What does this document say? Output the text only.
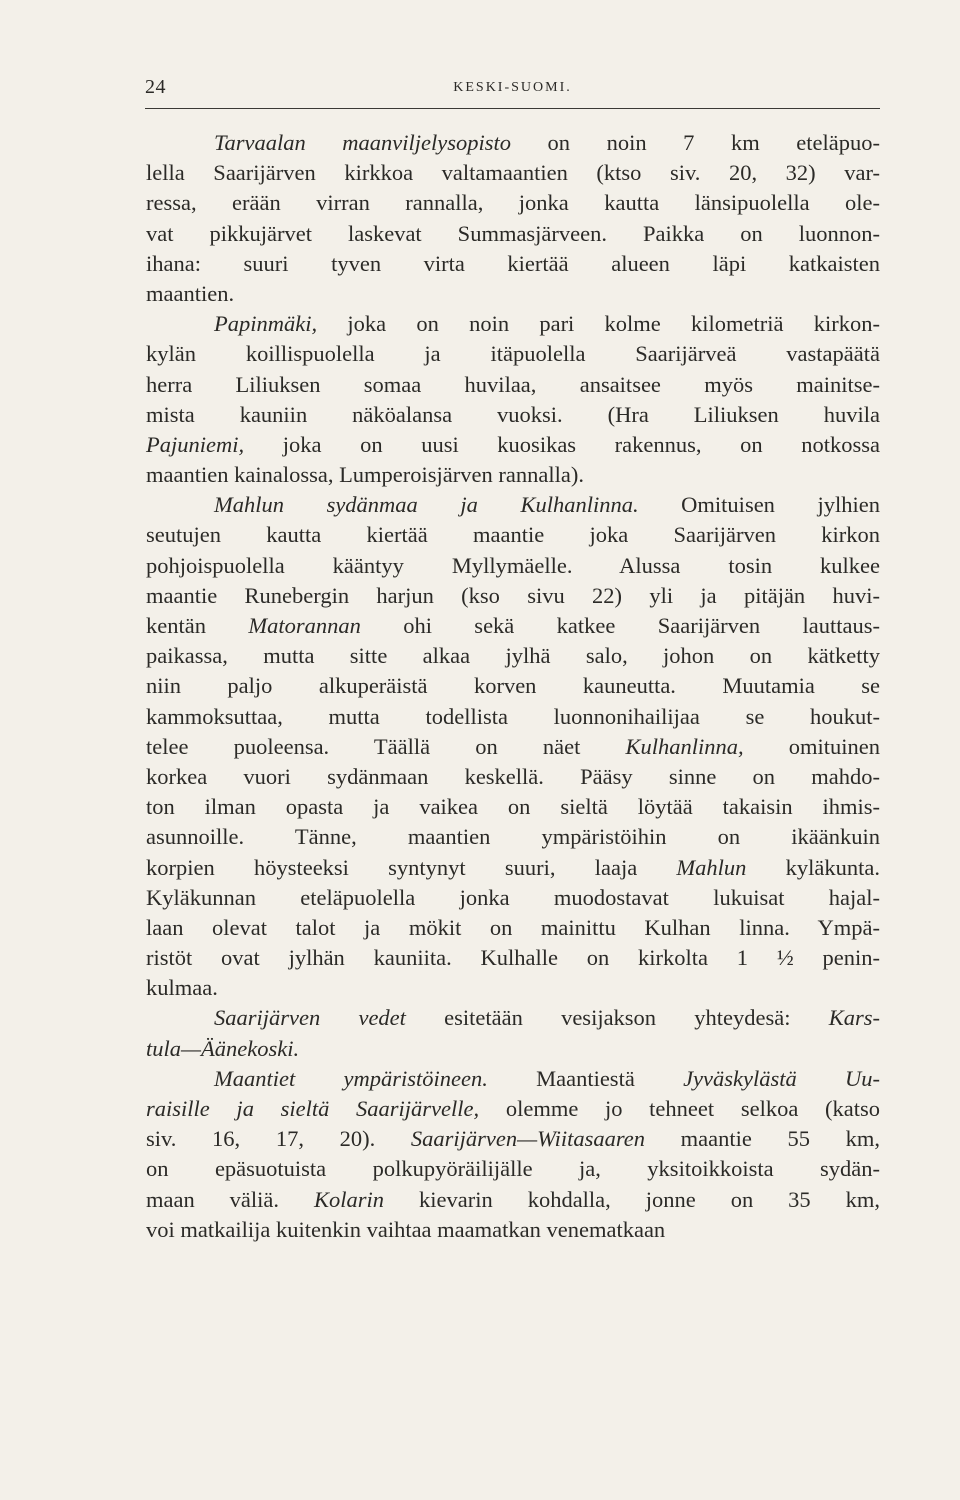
24	KESKI-SUOMI.
Tarvaalan maanviljelysopisto on noin 7 km eteläpuo-
lella Saarijärven kirkkoa valtamaantien (ktso siv. 20, 32) var-
ressa, erään virran rannalla, jonka kautta länsipuolella ole-
vat pikkujärvet laskevat Summasjärveen. Paikka on luonnon-
ihana: suuri tyven virta kiertää alueen läpi katkaisten
maantien.
Papinmäki, joka on noin pari kolme kilometriä kirkon-
kylän koillispuolella ja itäpuolella Saarijärveä vastapäätä
herra Liliuksen somaa huvilaa, ansaitsee myös mainitse-
mista kauniin näköalansa vuoksi. (Hra Liliuksen huvila
Pajuniemi, joka on uusi kuosikas rakennus, on notkossa
maantien kainalossa, Lumperoisjärven rannalla).
Mahlun sydänmaa ja Kulhanlinna. Omituisen jylhien
seutujen kautta kiertää maantie joka Saarijärven kirkon
pohjoispuolella kääntyy Myllymäelle. Alussa tosin kulkee
maantie Runebergin harjun (kso sivu 22) yli ja pitäjän huvi-
kentän Matorannan ohi sekä katkee Saarijärven lauttaus-
paikassa, mutta sitte alkaa jylhä salo, johon on kätketty
niin paljo alkuperäistä korven kauneutta. Muutamia se
kammoksuttaa, mutta todellista luonnonihailijaa se houkut-
telee puoleensa. Täällä on näet Kulhanlinna, omituinen
korkea vuori sydänmaan keskellä. Pääsy sinne on mahdo-
ton ilman opasta ja vaikea on sieltä löytää takaisin ihmis-
asunnoille. Tänne, maantien ympäristöihin on ikäänkuin
korpien höysteeksi syntynyt suuri, laaja Mahlun kyläkunta.
Kyläkunnan eteläpuolella jonka muodostavat lukuisat hajal-
laan olevat talot ja mökit on mainittu Kulhan linna. Ympä-
ristöt ovat jylhän kauniita. Kulhalle on kirkolta 1 ½ penin-
kulmaa.
Saarijärven vedet esitetään vesijakson yhteydesä: Kars-
tula—Äänekoski.
Maantiet ympäristöineen. Maantiestä Jyväskylästä Uu-
raisille ja sieltä Saarijärvelle, olemme jo tehneet selkoa (katso
siv. 16, 17, 20). Saarijärven—Wiitasaaren maantie 55 km,
on epäsuotuista polkupyöräilijälle ja, yksitoikkoista sydän-
maan väliä. Kolarin kievarin kohdalla, jonne on 35 km,
voi matkailija kuitenkin vaihtaa maamatkan venematkaan
